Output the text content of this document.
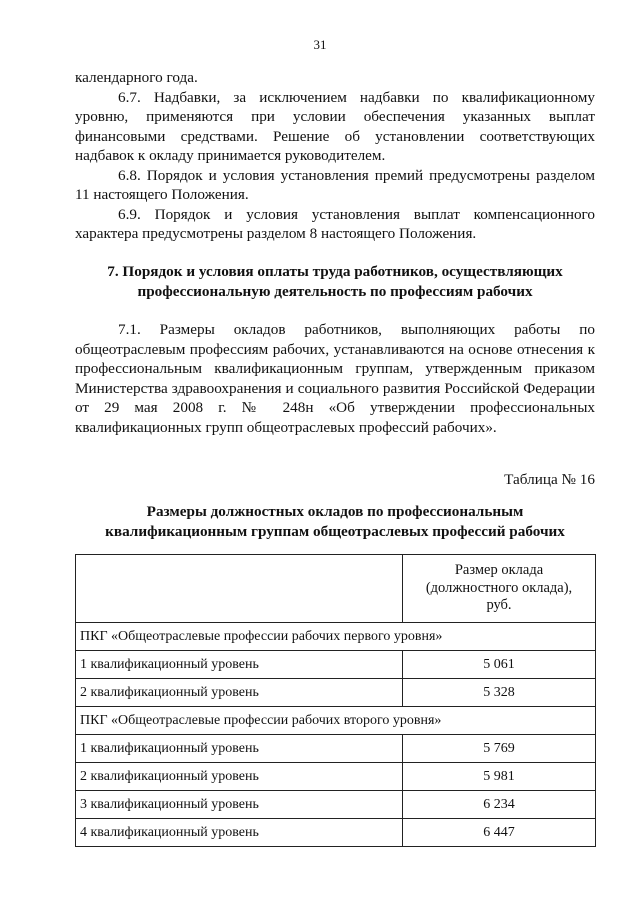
31

календарного года.

6.7. Надбавки, за исключением надбавки по квалификационному уровню, применяются при условии обеспечения указанных выплат финансовыми средствами. Решение об установлении соответствующих надбавок к окладу принимается руководителем.

6.8. Порядок и условия установления премий предусмотрены разделом 11 настоящего Положения.

6.9. Порядок и условия установления выплат компенсационного характера предусмотрены разделом 8 настоящего Положения.

7. Порядок и условия оплаты труда работников, осуществляющих
профессиональную деятельность по профессиям рабочих

7.1. Размеры окладов работников, выполняющих работы по общеотраслевым профессиям рабочих, устанавливаются на основе отнесения к профессиональным квалификационным группам, утвержденным приказом Министерства здравоохранения и социального развития Российской Федерации от 29 мая 2008 г. № 248н «Об утверждении профессиональных квалификационных групп общеотраслевых профессий рабочих».

Таблица № 16
Размеры должностных окладов по профессиональным
квалификационным группам общеотраслевых профессий рабочих

	Размер оклада
(должностного оклада),
руб.

ПКГ «Общеотраслевые профессии рабочих первого уровня»	
1 квалификационный уровень	5 061
2 квалификационный уровень	5 328
ПКГ «Общеотраслевые профессии рабочих второго уровня»	
1 квалификационный уровень	5 769
2 квалификационный уровень	5 981
3 квалификационный уровень	6 234
4 квалификационный уровень	6 447
